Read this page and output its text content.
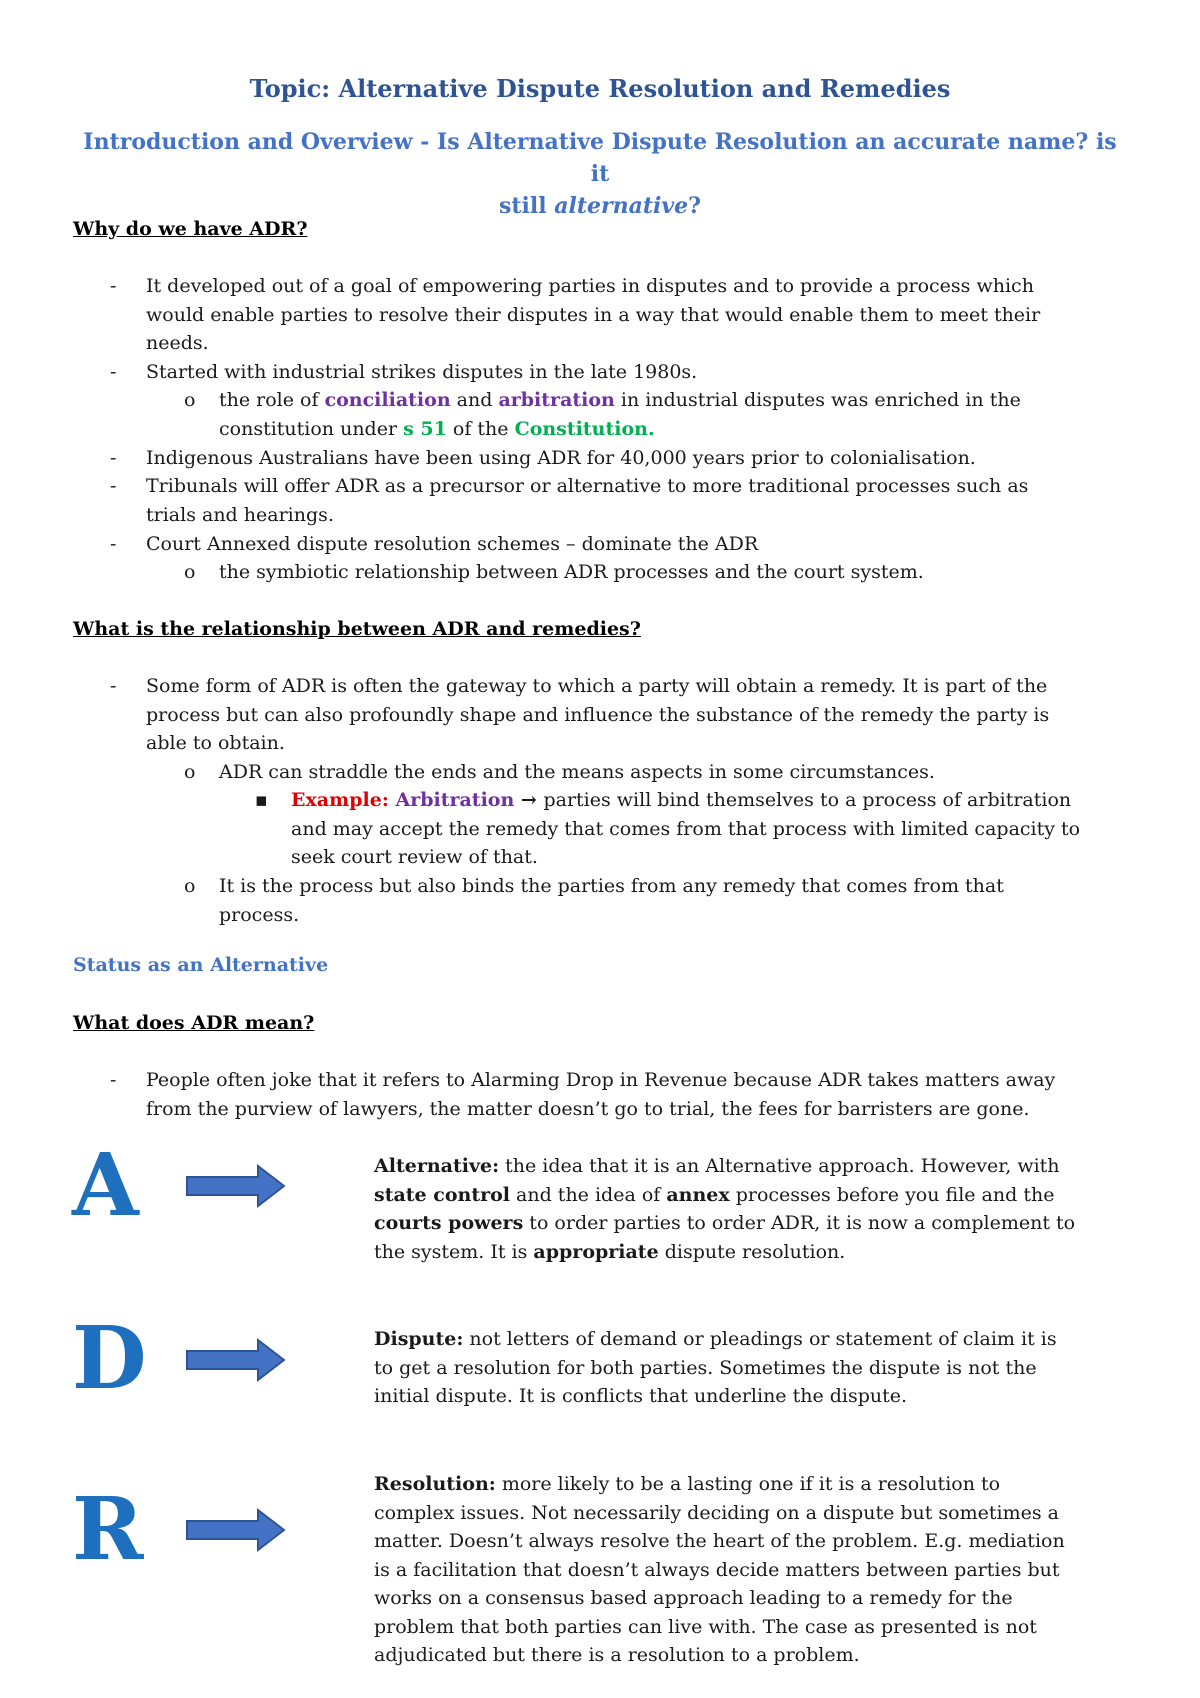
Topic: Alternative Dispute Resolution and Remedies
Introduction and Overview - Is Alternative Dispute Resolution an accurate name? is it
still alternative?
Why do we have ADR?
- It developed out of a goal of empowering parties in disputes and to provide a process which
would enable parties to resolve their disputes in a way that would enable them to meet their
needs.
- Started with industrial strikes disputes in the late 1980s.
o the role of conciliation and arbitration in industrial disputes was enriched in the
constitution under s 51 of the Constitution.
- Indigenous Australians have been using ADR for 40,000 years prior to colonialisation.
- Tribunals will offer ADR as a precursor or alternative to more traditional processes such as
trials and hearings.
- Court Annexed dispute resolution schemes – dominate the ADR
o the symbiotic relationship between ADR processes and the court system.
What is the relationship between ADR and remedies?
- Some form of ADR is often the gateway to which a party will obtain a remedy. It is part of the
process but can also profoundly shape and influence the substance of the remedy the party is
able to obtain.
o ADR can straddle the ends and the means aspects in some circumstances.
▪ Example: Arbitration → parties will bind themselves to a process of arbitration
and may accept the remedy that comes from that process with limited capacity to
seek court review of that.
o It is the process but also binds the parties from any remedy that comes from that
process.
Status as an Alternative
What does ADR mean?
- People often joke that it refers to Alarming Drop in Revenue because ADR takes matters away
from the purview of lawyers, the matter doesn’t go to trial, the fees for barristers are gone.
A	Alternative: the idea that it is an Alternative approach. However, with
state control and the idea of annex processes before you file and the
courts powers to order parties to order ADR, it is now a complement to
the system. It is appropriate dispute resolution.
D	Dispute: not letters of demand or pleadings or statement of claim it is
to get a resolution for both parties. Sometimes the dispute is not the
initial dispute. It is conflicts that underline the dispute.
R	Resolution: more likely to be a lasting one if it is a resolution to
complex issues. Not necessarily deciding on a dispute but sometimes a
matter. Doesn’t always resolve the heart of the problem. E.g. mediation
is a facilitation that doesn’t always decide matters between parties but
works on a consensus based approach leading to a remedy for the
problem that both parties can live with. The case as presented is not
adjudicated but there is a resolution to a problem.
